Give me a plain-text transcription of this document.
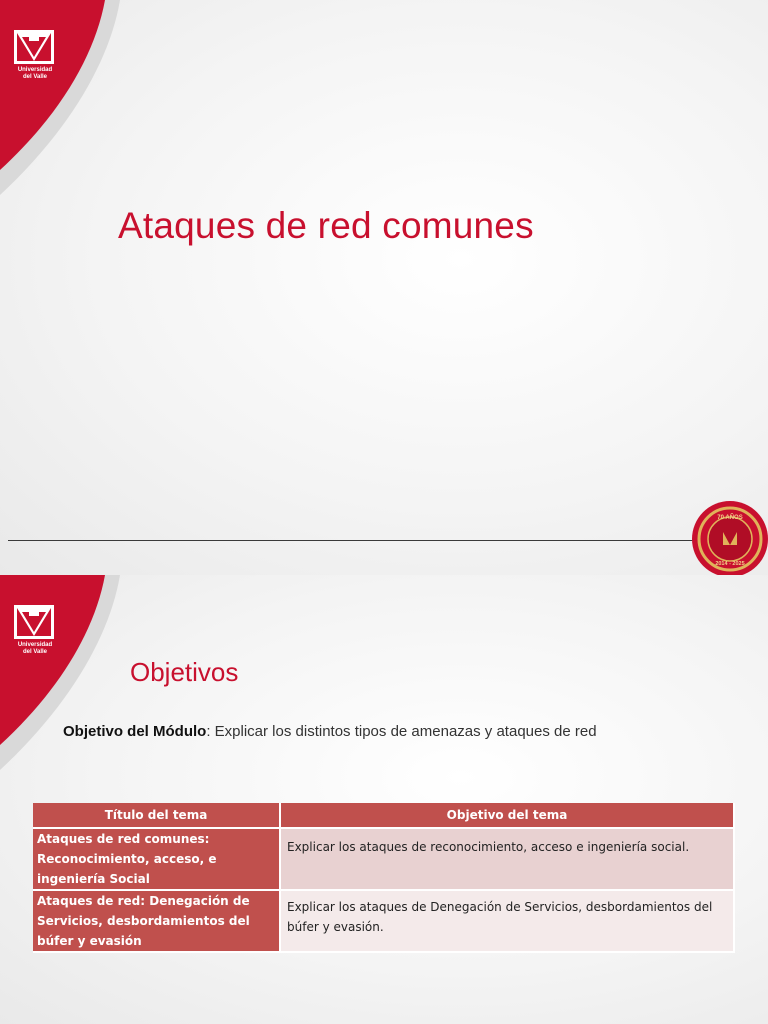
Universidad
del Valle
Ataques de red comunes
70 AÑOS
2014 - 2025
Universidad
del Valle
Objetivos
Objetivo del Módulo: Explicar los distintos tipos de amenazas y ataques de red
Título del tema	Objetivo del tema
Ataques de red comunes: Reconocimiento, acceso, e ingeniería Social	Explicar los ataques de reconocimiento, acceso e ingeniería social.
Ataques de red: Denegación de Servicios, desbordamientos del búfer y evasión	Explicar los ataques de Denegación de Servicios, desbordamientos del búfer y evasión.
